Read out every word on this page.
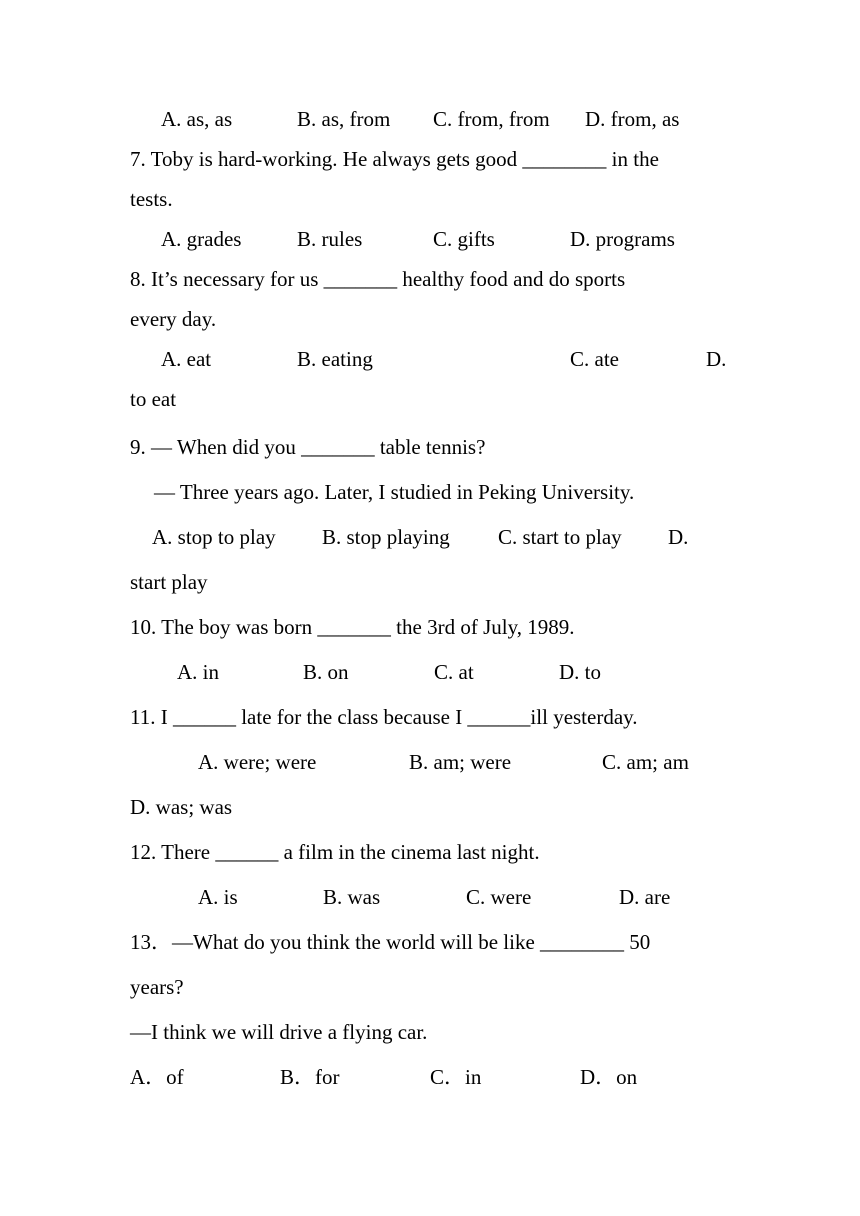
A. as, as	B. as, from C. from, from D. from, as
7. Toby is hard-working. He always gets good ________ in the
tests.
A. grades	B. rules	C. gifts	D. programs
8. It’s necessary for us _______ healthy food and do sports
every day.
A. eat	B. eating	C. ate	D.
to eat
9. — When did you _______ table tennis?
— Three years ago. Later, I studied in Peking University.
A. stop to play B. stop playing C. start to play D.
start play
10. The boy was born _______ the 3rd of July, 1989.
A. in	B. on	C. at	D. to
11. I ______ late for the class because I ______ill yesterday.
A. were; were	B. am; were	C. am; am
D. was; was
12. There ______ a film in the cinema last night.
A. is	B. was	C. were	D. are
13．—What do you think the world will be like ________ 50
years?
—I think we will drive a flying car.
A．of	B．for	C．in	D．on
